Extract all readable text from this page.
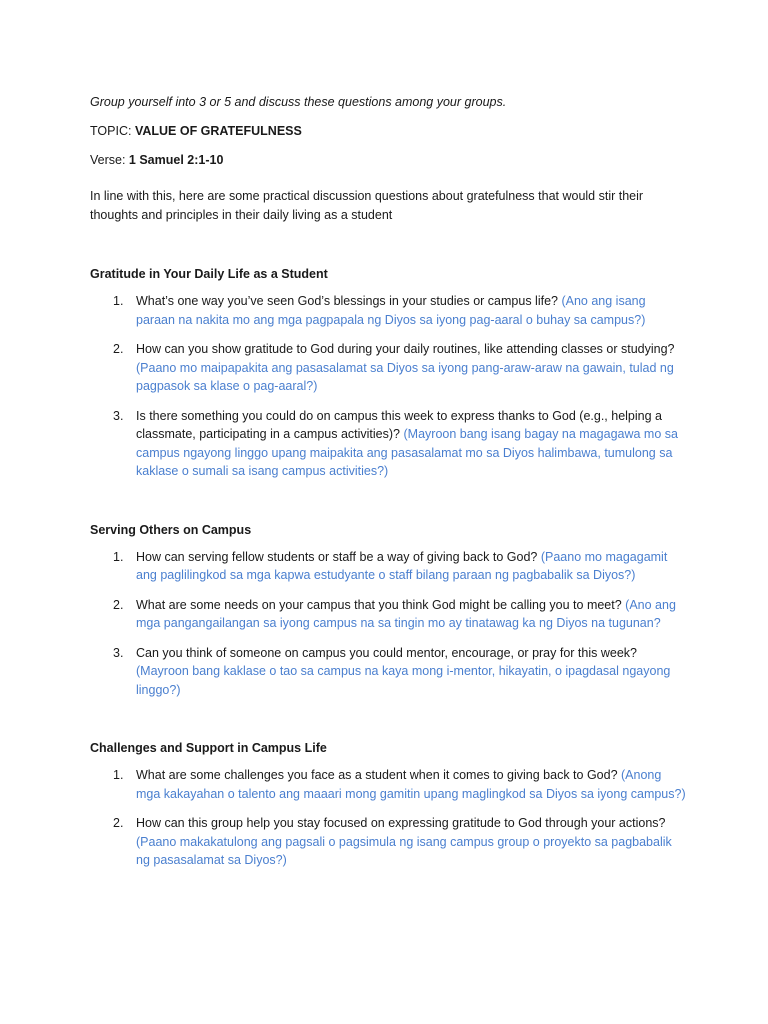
Group yourself into 3 or 5 and discuss these questions among your groups.

TOPIC: VALUE OF GRATEFULNESS

Verse: 1 Samuel 2:1-10

In line with this, here are some practical discussion questions about gratefulness that would stir their thoughts and principles in their daily living as a student

Gratitude in Your Daily Life as a Student
1. What’s one way you’ve seen God’s blessings in your studies or campus life? (Ano ang isang paraan na nakita mo ang mga pagpapala ng Diyos sa iyong pag-aaral o buhay sa campus?)
2. How can you show gratitude to God during your daily routines, like attending classes or studying? (Paano mo maipapakita ang pasasalamat sa Diyos sa iyong pang-araw-araw na gawain, tulad ng pagpasok sa klase o pag-aaral?)
3. Is there something you could do on campus this week to express thanks to God (e.g., helping a classmate, participating in a campus activities)? (Mayroon bang isang bagay na magagawa mo sa campus ngayong linggo upang maipakita ang pasasalamat mo sa Diyos halimbawa, tumulong sa kaklase o sumali sa isang campus activities?)
Serving Others on Campus
1. How can serving fellow students or staff be a way of giving back to God? (Paano mo magagamit ang paglilingkod sa mga kapwa estudyante o staff bilang paraan ng pagbabalik sa Diyos?)
2. What are some needs on your campus that you think God might be calling you to meet? (Ano ang mga pangangailangan sa iyong campus na sa tingin mo ay tinatawag ka ng Diyos na tugunan?
3. Can you think of someone on campus you could mentor, encourage, or pray for this week? (Mayroon bang kaklase o tao sa campus na kaya mong i-mentor, hikayatin, o ipagdasal ngayong linggo?)
Challenges and Support in Campus Life
1. What are some challenges you face as a student when it comes to giving back to God? (Anong mga kakayahan o talento ang maaari mong gamitin upang maglingkod sa Diyos sa iyong campus?)
2. How can this group help you stay focused on expressing gratitude to God through your actions? (Paano makakatulong ang pagsali o pagsimula ng isang campus group o proyekto sa pagbabalik ng pasasalamat sa Diyos?)
